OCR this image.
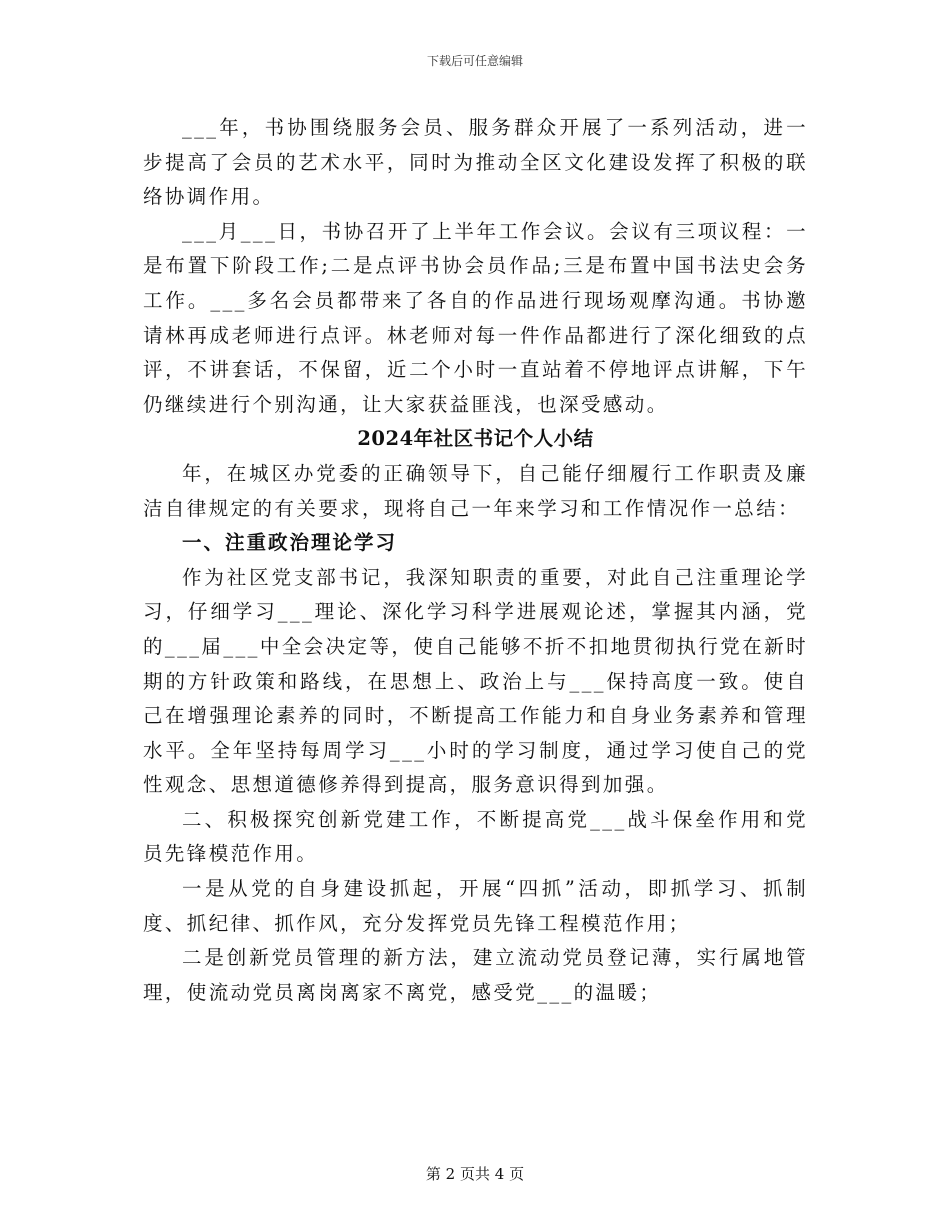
下载后可任意编辑

___年，书协围绕服务会员、服务群众开展了一系列活动，进一步提高了会员的艺术水平，同时为推动全区文化建设发挥了积极的联络协调作用。

___月___日，书协召开了上半年工作会议。会议有三项议程：一是布置下阶段工作;二是点评书协会员作品;三是布置中国书法史会务工作。___多名会员都带来了各自的作品进行现场观摩沟通。书协邀请林再成老师进行点评。林老师对每一件作品都进行了深化细致的点评，不讲套话，不保留，近二个小时一直站着不停地评点讲解，下午仍继续进行个别沟通，让大家获益匪浅，也深受感动。

2024年社区书记个人小结

年，在城区办党委的正确领导下，自己能仔细履行工作职责及廉洁自律规定的有关要求，现将自己一年来学习和工作情况作一总结：

一、注重政治理论学习

作为社区党支部书记，我深知职责的重要，对此自己注重理论学习，仔细学习___理论、深化学习科学进展观论述，掌握其内涵，党的___届___中全会决定等，使自己能够不折不扣地贯彻执行党在新时期的方针政策和路线，在思想上、政治上与___保持高度一致。使自己在增强理论素养的同时，不断提高工作能力和自身业务素养和管理水平。全年坚持每周学习___小时的学习制度，通过学习使自己的党性观念、思想道德修养得到提高，服务意识得到加强。

二、积极探究创新党建工作，不断提高党___战斗保垒作用和党员先锋模范作用。

一是从党的自身建设抓起，开展“四抓”活动，即抓学习、抓制度、抓纪律、抓作风，充分发挥党员先锋工程模范作用；

二是创新党员管理的新方法，建立流动党员登记薄，实行属地管理，使流动党员离岗离家不离党，感受党___的温暖；

第 2 页共 4 页
